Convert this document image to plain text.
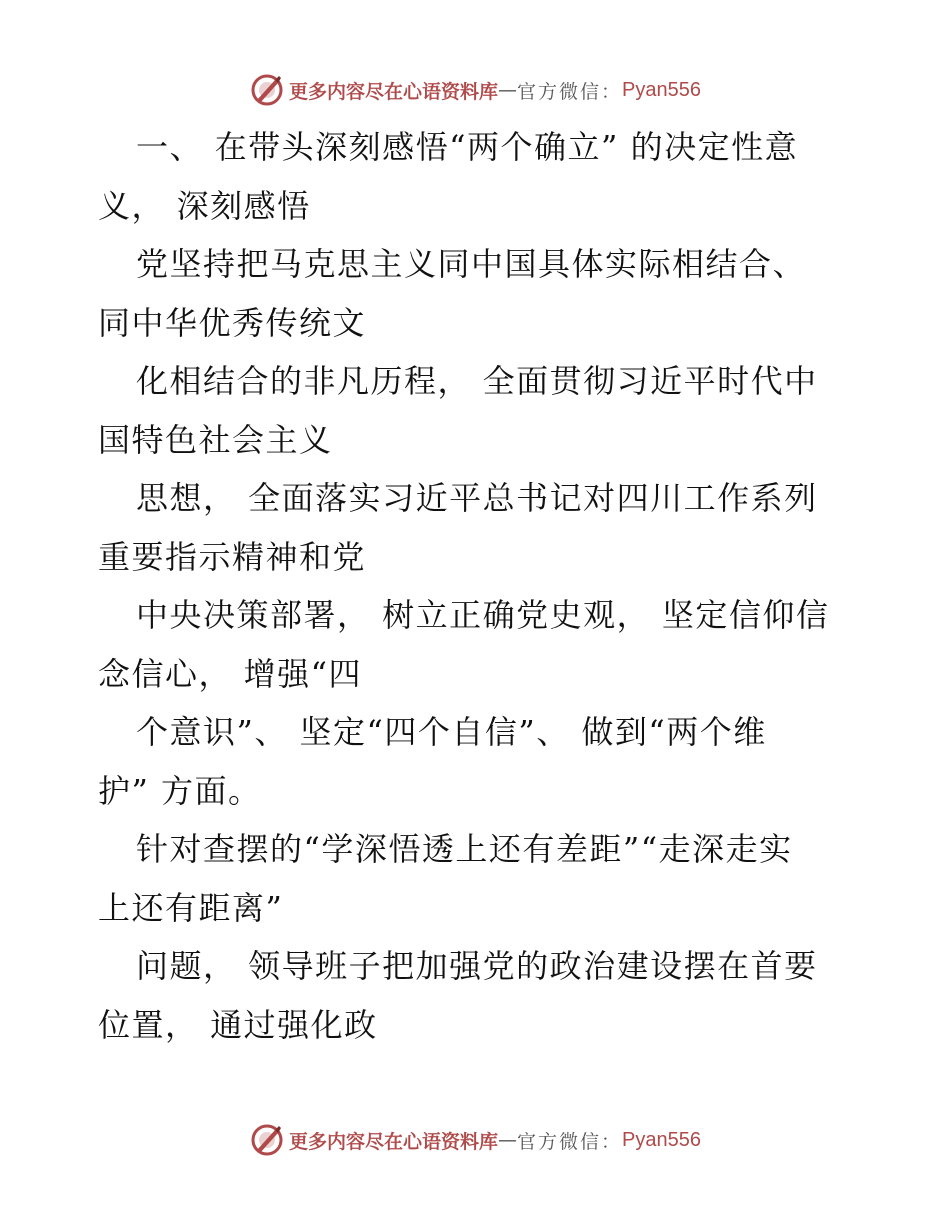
更多内容尽在心语资料库 — 官方微信： Pyan556
一、 在带头深刻感悟“两个确立” 的决定性意
义， 深刻感悟
党坚持把马克思主义同中国具体实际相结合、
同中华优秀传统文
化相结合的非凡历程， 全面贯彻习近平时代中
国特色社会主义
思想， 全面落实习近平总书记对四川工作系列
重要指示精神和党
中央决策部署， 树立正确党史观， 坚定信仰信
念信心， 增强“四
个意识”、 坚定“四个自信”、 做到“两个维
护” 方面。
针对查摆的“学深悟透上还有差距”“走深走实
上还有距离”
问题， 领导班子把加强党的政治建设摆在首要
位置， 通过强化政
更多内容尽在心语资料库 — 官方微信： Pyan556
